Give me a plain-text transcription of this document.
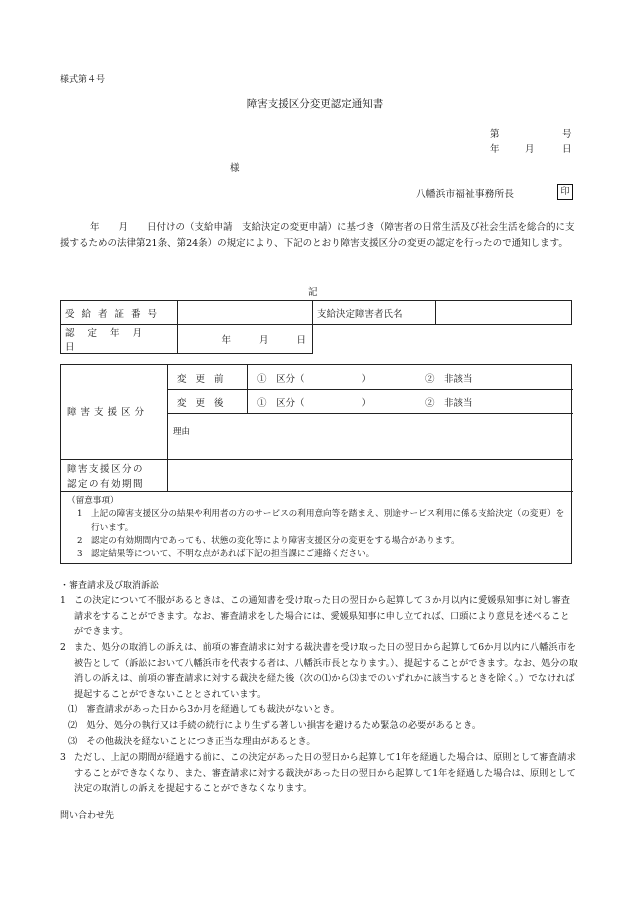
様式第４号
障害支援区分変更認定通知書
第	号
年	月	日
様
八幡浜市福祉事務所長	印
年　　月　　日付けの（支給申請　支給決定の変更申請）に基づき（障害者の日常生活及び社会生活を総合的に支援するための法律第21条、第24条）の規定により、下記のとおり障害支援区分の変更の認定を行ったので通知します。
記
受給者証番号		支給決定障害者氏名	
認定年月日	年 月 日		
障害支援区分
変更前	①　区分（　　　　　　）	②　非該当
変更後	①　区分（　　　　　　）	②　非該当
理由
障害支援区分の
認定の有効期間
（留意事項）
1 上記の障害支援区分の結果や利用者の方のサービスの利用意向等を踏まえ、別途サービス利用に係る支給決定（の変更）を行います。
2 認定の有効期間内であっても、状態の変化等により障害支援区分の変更をする場合があります。
3 認定結果等について、不明な点があれば下記の担当課にご連絡ください。
・審査請求及び取消訴訟
1 この決定について不服があるときは、この通知書を受け取った日の翌日から起算して３か月以内に愛媛県知事に対し審査請求をすることができます。なお、審査請求をした場合には、愛媛県知事に申し立てれば、口頭により意見を述べることができます。
2 また、処分の取消しの訴えは、前項の審査請求に対する裁決書を受け取った日の翌日から起算して6か月以内に八幡浜市を被告として（訴訟において八幡浜市を代表する者は、八幡浜市長となります。）、提起することができます。なお、処分の取消しの訴えは、前項の審査請求に対する裁決を経た後（次の⑴から⑶までのいずれかに該当するときを除く。）でなければ提起することができないこととされています。
⑴　 審査請求があった日から3か月を経過しても裁決がないとき。
⑵　 処分、処分の執行又は手続の続行により生ずる著しい損害を避けるため緊急の必要があるとき。
⑶　 その他裁決を経ないことにつき正当な理由があるとき。
3 ただし、上記の期間が経過する前に、この決定があった日の翌日から起算して1年を経過した場合は、原則として審査請求することができなくなり、また、審査請求に対する裁決があった日の翌日から起算して1年を経過した場合は、原則として決定の取消しの訴えを提起することができなくなります。
問い合わせ先
